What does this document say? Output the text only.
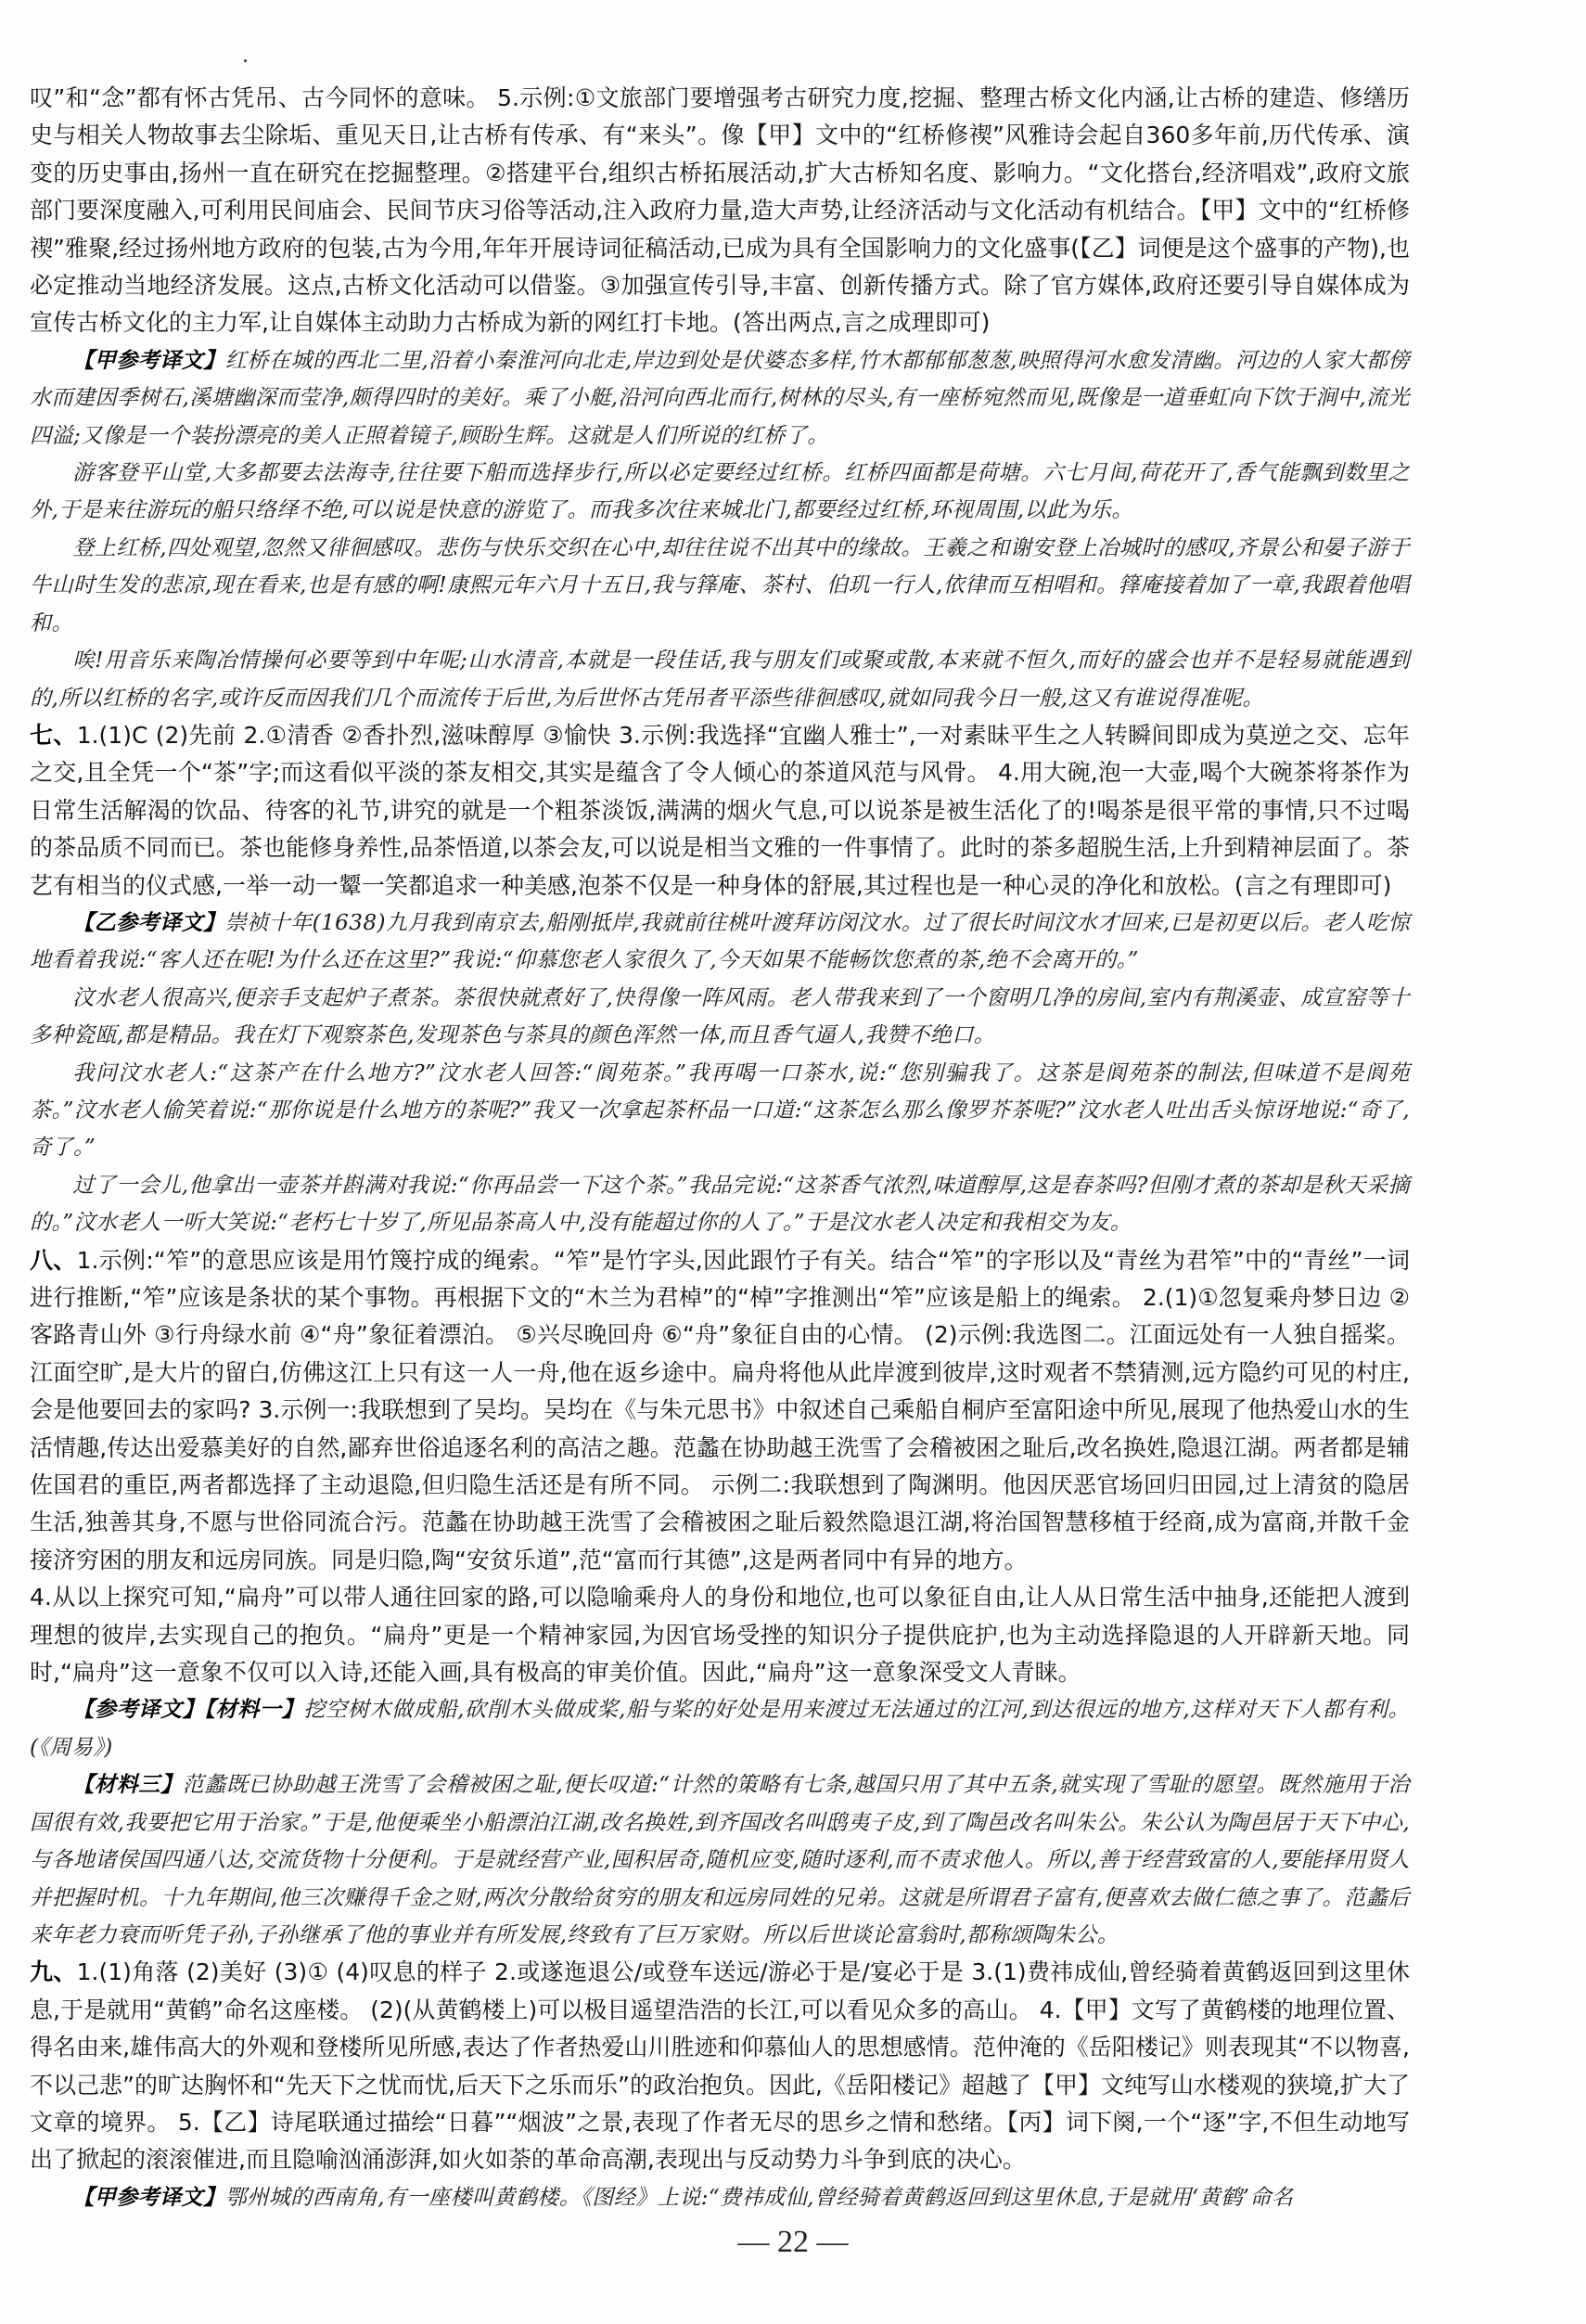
叹”和“念”都有怀古凭吊、古今同怀的意味。 5.示例:①文旅部门要增强考古研究力度,挖掘、整理古桥文化内涵,让古桥的建造、修缮历史与相关人物故事去尘除垢、重见天日,让古桥有传承、有“来头”。像【甲】文中的“红桥修禊”风雅诗会起自360多年前,历代传承、演变的历史事由,扬州一直在研究在挖掘整理。②搭建平台,组织古桥拓展活动,扩大古桥知名度、影响力。“文化搭台,经济唱戏”,政府文旅部门要深度融入,可利用民间庙会、民间节庆习俗等活动,注入政府力量,造大声势,让经济活动与文化活动有机结合。【甲】文中的“红桥修禊”雅聚,经过扬州地方政府的包装,古为今用,年年开展诗词征稿活动,已成为具有全国影响力的文化盛事(【乙】词便是这个盛事的产物),也必定推动当地经济发展。这点,古桥文化活动可以借鉴。③加强宣传引导,丰富、创新传播方式。除了官方媒体,政府还要引导自媒体成为宣传古桥文化的主力军,让自媒体主动助力古桥成为新的网红打卡地。(答出两点,言之成理即可)

【甲参考译文】红桥在城的西北二里,沿着小秦淮河向北走,岸边到处是伏婆态多样,竹木都郁郁葱葱,映照得河水愈发清幽。河边的人家大都傍水而建因季树石,溪塘幽深而莹净,颇得四时的美好。乘了小艇,沿河向西北而行,树林的尽头,有一座桥宛然而见,既像是一道垂虹向下饮于涧中,流光四溢;又像是一个装扮漂亮的美人正照着镜子,顾盼生辉。这就是人们所说的红桥了。

游客登平山堂,大多都要去法海寺,往往要下船而选择步行,所以必定要经过红桥。红桥四面都是荷塘。六七月间,荷花开了,香气能飘到数里之外,于是来往游玩的船只络绎不绝,可以说是快意的游览了。而我多次往来城北门,都要经过红桥,环视周围,以此为乐。

登上红桥,四处观望,忽然又徘徊感叹。悲伤与快乐交织在心中,却往往说不出其中的缘故。王羲之和谢安登上冶城时的感叹,齐景公和晏子游于牛山时生发的悲凉,现在看来,也是有感的啊!康熙元年六月十五日,我与箨庵、茶村、伯玑一行人,依律而互相唱和。箨庵接着加了一章,我跟着他唱和。

唉!用音乐来陶冶情操何必要等到中年呢;山水清音,本就是一段佳话,我与朋友们或聚或散,本来就不恒久,而好的盛会也并不是轻易就能遇到的,所以红桥的名字,或许反而因我们几个而流传于后世,为后世怀古凭吊者平添些徘徊感叹,就如同我今日一般,这又有谁说得准呢。

七、1.(1)C (2)先前 2.①清香 ②香扑烈,滋味醇厚 ③愉快 3.示例:我选择“宜幽人雅士”,一对素昧平生之人转瞬间即成为莫逆之交、忘年之交,且全凭一个“茶”字;而这看似平淡的茶友相交,其实是蕴含了令人倾心的茶道风范与风骨。 4.用大碗,泡一大壶,喝个大碗茶将茶作为日常生活解渴的饮品、待客的礼节,讲究的就是一个粗茶淡饭,满满的烟火气息,可以说茶是被生活化了的!喝茶是很平常的事情,只不过喝的茶品质不同而已。茶也能修身养性,品茶悟道,以茶会友,可以说是相当文雅的一件事情了。此时的茶多超脱生活,上升到精神层面了。茶艺有相当的仪式感,一举一动一颦一笑都追求一种美感,泡茶不仅是一种身体的舒展,其过程也是一种心灵的净化和放松。(言之有理即可)

【乙参考译文】崇祯十年(1638)九月我到南京去,船刚抵岸,我就前往桃叶渡拜访闵汶水。过了很长时间汶水才回来,已是初更以后。老人吃惊地看着我说:“客人还在呢!为什么还在这里?”我说:“仰慕您老人家很久了,今天如果不能畅饮您煮的茶,绝不会离开的。”

汶水老人很高兴,便亲手支起炉子煮茶。茶很快就煮好了,快得像一阵风雨。老人带我来到了一个窗明几净的房间,室内有荆溪壶、成宣窑等十多种瓷瓯,都是精品。我在灯下观察茶色,发现茶色与茶具的颜色浑然一体,而且香气逼人,我赞不绝口。

我问汶水老人:“这茶产在什么地方?”汶水老人回答:“阆苑茶。”我再喝一口茶水,说:“您别骗我了。这茶是阆苑茶的制法,但味道不是阆苑茶。”汶水老人偷笑着说:“那你说是什么地方的茶呢?”我又一次拿起茶杯品一口道:“这茶怎么那么像罗芥茶呢?”汶水老人吐出舌头惊讶地说:“奇了,奇了。”

过了一会儿,他拿出一壶茶并斟满对我说:“你再品尝一下这个茶。”我品完说:“这茶香气浓烈,味道醇厚,这是春茶吗?但刚才煮的茶却是秋天采摘的。”汶水老人一听大笑说:“老朽七十岁了,所见品茶高人中,没有能超过你的人了。”于是汶水老人决定和我相交为友。

八、1.示例:“笮”的意思应该是用竹篾拧成的绳索。“笮”是竹字头,因此跟竹子有关。结合“笮”的字形以及“青丝为君笮”中的“青丝”一词进行推断,“笮”应该是条状的某个事物。再根据下文的“木兰为君棹”的“棹”字推测出“笮”应该是船上的绳索。 2.(1)①忽复乘舟梦日边 ②客路青山外 ③行舟绿水前 ④“舟”象征着漂泊。 ⑤兴尽晚回舟 ⑥“舟”象征自由的心情。 (2)示例:我选图二。江面远处有一人独自摇桨。江面空旷,是大片的留白,仿佛这江上只有这一人一舟,他在返乡途中。扁舟将他从此岸渡到彼岸,这时观者不禁猜测,远方隐约可见的村庄,会是他要回去的家吗? 3.示例一:我联想到了吴均。吴均在《与朱元思书》中叙述自己乘船自桐庐至富阳途中所见,展现了他热爱山水的生活情趣,传达出爱慕美好的自然,鄙弃世俗追逐名利的高洁之趣。范蠡在协助越王洗雪了会稽被困之耻后,改名换姓,隐退江湖。两者都是辅佐国君的重臣,两者都选择了主动退隐,但归隐生活还是有所不同。 示例二:我联想到了陶渊明。他因厌恶官场回归田园,过上清贫的隐居生活,独善其身,不愿与世俗同流合污。范蠡在协助越王洗雪了会稽被困之耻后毅然隐退江湖,将治国智慧移植于经商,成为富商,并散千金接济穷困的朋友和远房同族。同是归隐,陶“安贫乐道”,范“富而行其德”,这是两者同中有异的地方。

4.从以上探究可知,“扁舟”可以带人通往回家的路,可以隐喻乘舟人的身份和地位,也可以象征自由,让人从日常生活中抽身,还能把人渡到理想的彼岸,去实现自己的抱负。“扁舟”更是一个精神家园,为因官场受挫的知识分子提供庇护,也为主动选择隐退的人开辟新天地。同时,“扁舟”这一意象不仅可以入诗,还能入画,具有极高的审美价值。因此,“扁舟”这一意象深受文人青睐。

【参考译文】【材料一】挖空树木做成船,砍削木头做成桨,船与桨的好处是用来渡过无法通过的江河,到达很远的地方,这样对天下人都有利。(《周易》)

【材料三】范蠡既已协助越王洗雪了会稽被困之耻,便长叹道:“计然的策略有七条,越国只用了其中五条,就实现了雪耻的愿望。既然施用于治国很有效,我要把它用于治家。”于是,他便乘坐小船漂泊江湖,改名换姓,到齐国改名叫鸱夷子皮,到了陶邑改名叫朱公。朱公认为陶邑居于天下中心,与各地诸侯国四通八达,交流货物十分便利。于是就经营产业,囤积居奇,随机应变,随时逐利,而不责求他人。所以,善于经营致富的人,要能择用贤人并把握时机。十九年期间,他三次赚得千金之财,两次分散给贫穷的朋友和远房同姓的兄弟。这就是所谓君子富有,便喜欢去做仁德之事了。范蠡后来年老力衰而听凭子孙,子孙继承了他的事业并有所发展,终致有了巨万家财。所以后世谈论富翁时,都称颂陶朱公。

九、1.(1)角落 (2)美好 (3)① (4)叹息的样子 2.或遂迤退公/或登车送远/游必于是/宴必于是 3.(1)费祎成仙,曾经骑着黄鹤返回到这里休息,于是就用“黄鹤”命名这座楼。 (2)(从黄鹤楼上)可以极目遥望浩浩的长江,可以看见众多的高山。 4.【甲】文写了黄鹤楼的地理位置、得名由来,雄伟高大的外观和登楼所见所感,表达了作者热爱山川胜迹和仰慕仙人的思想感情。范仲淹的《岳阳楼记》则表现其“不以物喜,不以己悲”的旷达胸怀和“先天下之忧而忧,后天下之乐而乐”的政治抱负。因此,《岳阳楼记》超越了【甲】文纯写山水楼观的狭境,扩大了文章的境界。 5.【乙】诗尾联通过描绘“日暮”“烟波”之景,表现了作者无尽的思乡之情和愁绪。【丙】词下阕,一个“逐”字,不但生动地写出了掀起的滚滚催进,而且隐喻汹涌澎湃,如火如荼的革命高潮,表现出与反动势力斗争到底的决心。

【甲参考译文】鄂州城的西南角,有一座楼叫黄鹤楼。《图经》上说:“费祎成仙,曾经骑着黄鹤返回到这里休息,于是就用‘黄鹤’命名

— 22 —
